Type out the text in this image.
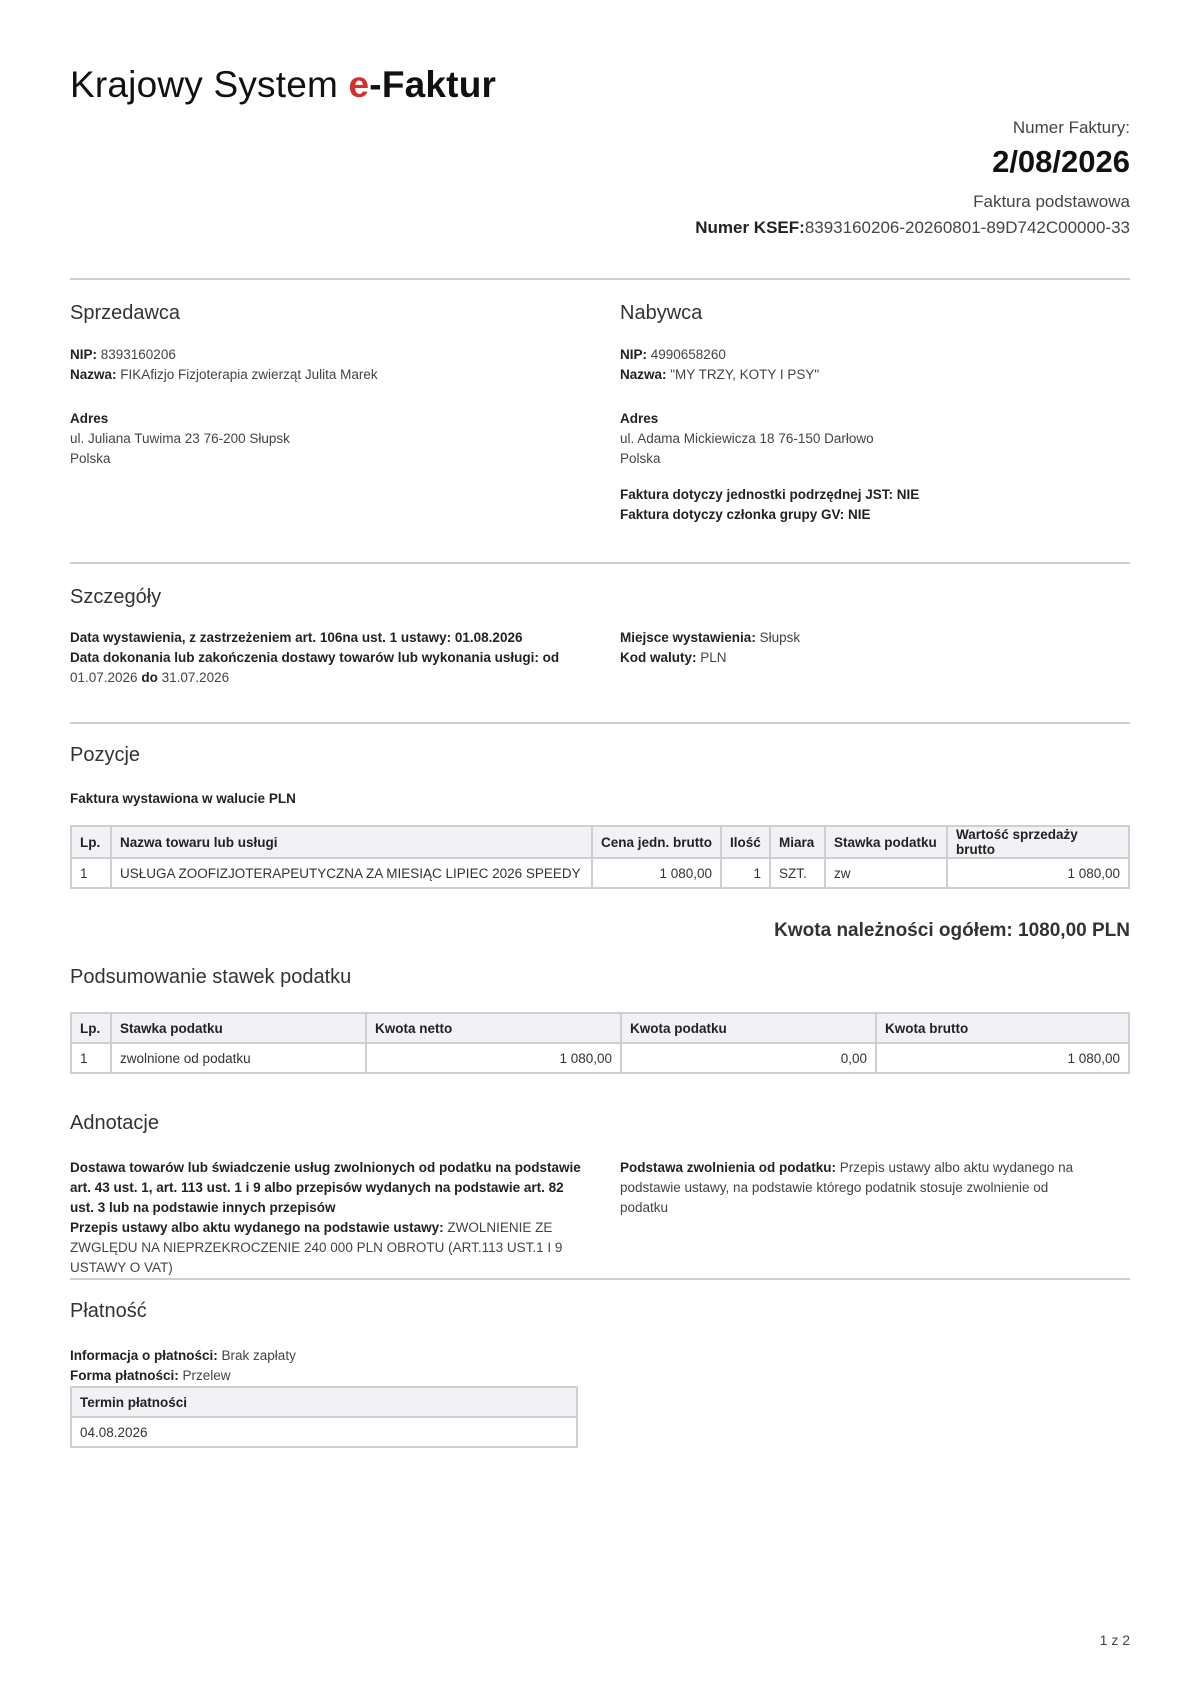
Krajowy System e-Faktur
Numer Faktury:
2/08/2026
Faktura podstawowa
Numer KSEF:8393160206-20260801-89D742C00000-33
Sprzedawca
NIP: 8393160206
Nazwa: FIKAfizjo Fizjoterapia zwierząt Julita Marek
Adres
ul. Juliana Tuwima 23 76-200 Słupsk
Polska
Nabywca
NIP: 4990658260
Nazwa: "MY TRZY, KOTY I PSY"
Adres
ul. Adama Mickiewicza 18 76-150 Darłowo
Polska
Faktura dotyczy jednostki podrzędnej JST: NIE
Faktura dotyczy członka grupy GV: NIE
Szczegóły
Data wystawienia, z zastrzeżeniem art. 106na ust. 1 ustawy: 01.08.2026
Data dokonania lub zakończenia dostawy towarów lub wykonania usługi: od
01.07.2026 do 31.07.2026
Miejsce wystawienia: Słupsk
Kod waluty: PLN
Pozycje
Faktura wystawiona w walucie PLN
Lp.	Nazwa towaru lub usługi	Cena jedn. brutto	Ilość	Miara	Stawka podatku	Wartość sprzedaży brutto
1	USŁUGA ZOOFIZJOTERAPEUTYCZNA ZA MIESIĄC LIPIEC 2026 SPEEDY	1 080,00	1	SZT.	zw	1 080,00
Kwota należności ogółem: 1080,00 PLN
Podsumowanie stawek podatku
Lp.	Stawka podatku	Kwota netto	Kwota podatku	Kwota brutto
1	zwolnione od podatku	1 080,00	0,00	1 080,00
Adnotacje
Dostawa towarów lub świadczenie usług zwolnionych od podatku na podstawie
art. 43 ust. 1, art. 113 ust. 1 i 9 albo przepisów wydanych na podstawie art. 82
ust. 3 lub na podstawie innych przepisów
Przepis ustawy albo aktu wydanego na podstawie ustawy: ZWOLNIENIE ZE
ZWGLĘDU NA NIEPRZEKROCZENIE 240 000 PLN OBROTU (ART.113 UST.1 I 9
USTAWY O VAT)
Podstawa zwolnienia od podatku: Przepis ustawy albo aktu wydanego na
podstawie ustawy, na podstawie którego podatnik stosuje zwolnienie od
podatku
Płatność
Informacja o płatności: Brak zapłaty
Forma płatności: Przelew
Termin płatności
04.08.2026
1 z 2
